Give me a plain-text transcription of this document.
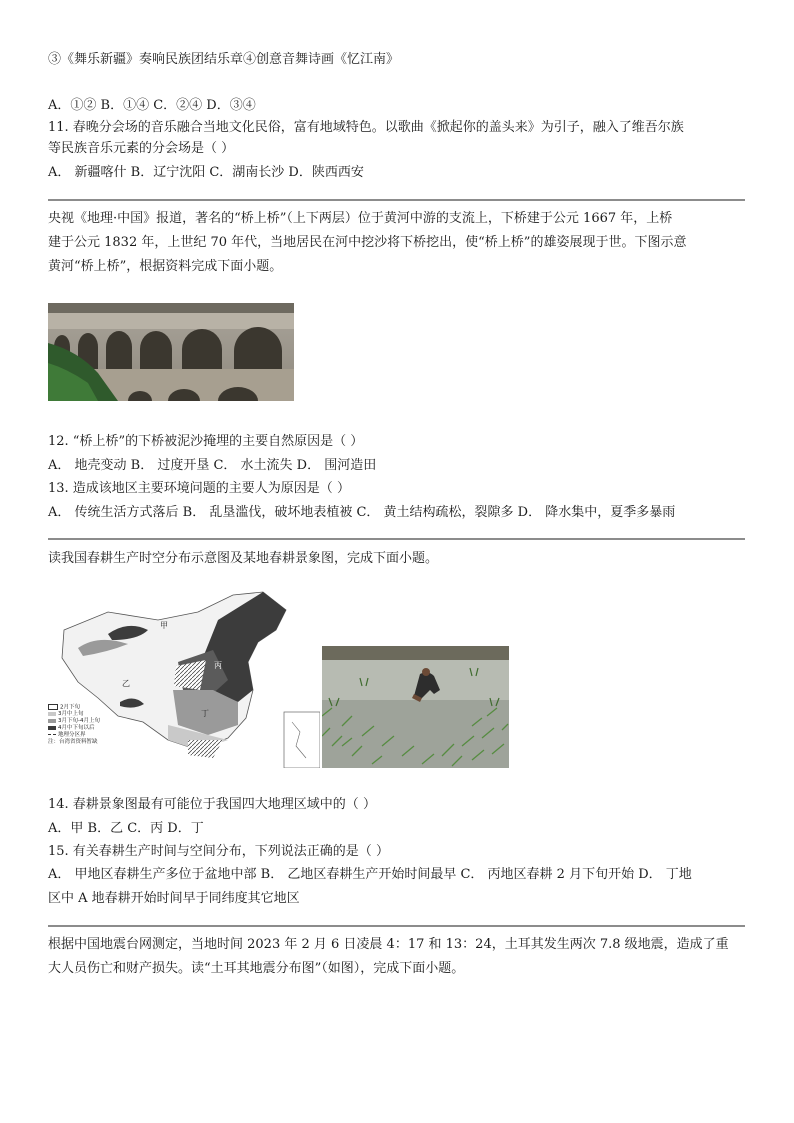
③《舞乐新疆》奏响民族团结乐章④创意音舞诗画《忆江南》
A．①② B．①④ C．②④ D．③④
11. 春晚分会场的音乐融合当地文化民俗，富有地域特色。以歌曲《掀起你的盖头来》为引子，融入了维吾尔族
等民族音乐元素的分会场是（ ）
A． 新疆喀什 B．辽宁沈阳 C．湖南长沙 D．陕西西安
央视《地理·中国》报道，著名的“桥上桥”（上下两层）位于黄河中游的支流上，下桥建于公元 1667 年，上桥
建于公元 1832 年，上世纪 70 年代，当地居民在河中挖沙将下桥挖出，使“桥上桥”的雄姿展现于世。下图示意
黄河“桥上桥”，根据资料完成下面小题。
12. “桥上桥”的下桥被泥沙掩埋的主要自然原因是（ ）
A． 地壳变动 B． 过度开垦 C． 水土流失 D． 围河造田
13. 造成该地区主要环境问题的主要人为原因是（ ）
A． 传统生活方式落后 B． 乱垦滥伐，破坏地表植被 C． 黄土结构疏松，裂隙多 D． 降水集中，夏季多暴雨
读我国春耕生产时空分布示意图及某地春耕景象图，完成下面小题。
甲
乙
丙
丁
2月下旬
3月中上旬
3月下旬-4月上旬
4月中下旬以后
地理分区界
注：台湾省资料暂缺
14. 春耕景象图最有可能位于我国四大地理区域中的（ ）
A．甲 B．乙 C．丙 D．丁
15. 有关春耕生产时间与空间分布，下列说法正确的是（ ）
A． 甲地区春耕生产多位于盆地中部 B． 乙地区春耕生产开始时间最早 C． 丙地区春耕 2 月下旬开始 D． 丁地
区中 A 地春耕开始时间早于同纬度其它地区
根据中国地震台网测定，当地时间 2023 年 2 月 6 日凌晨 4：17 和 13：24，土耳其发生两次 7.8 级地震，造成了重
大人员伤亡和财产损失。读“土耳其地震分布图”（如图），完成下面小题。
